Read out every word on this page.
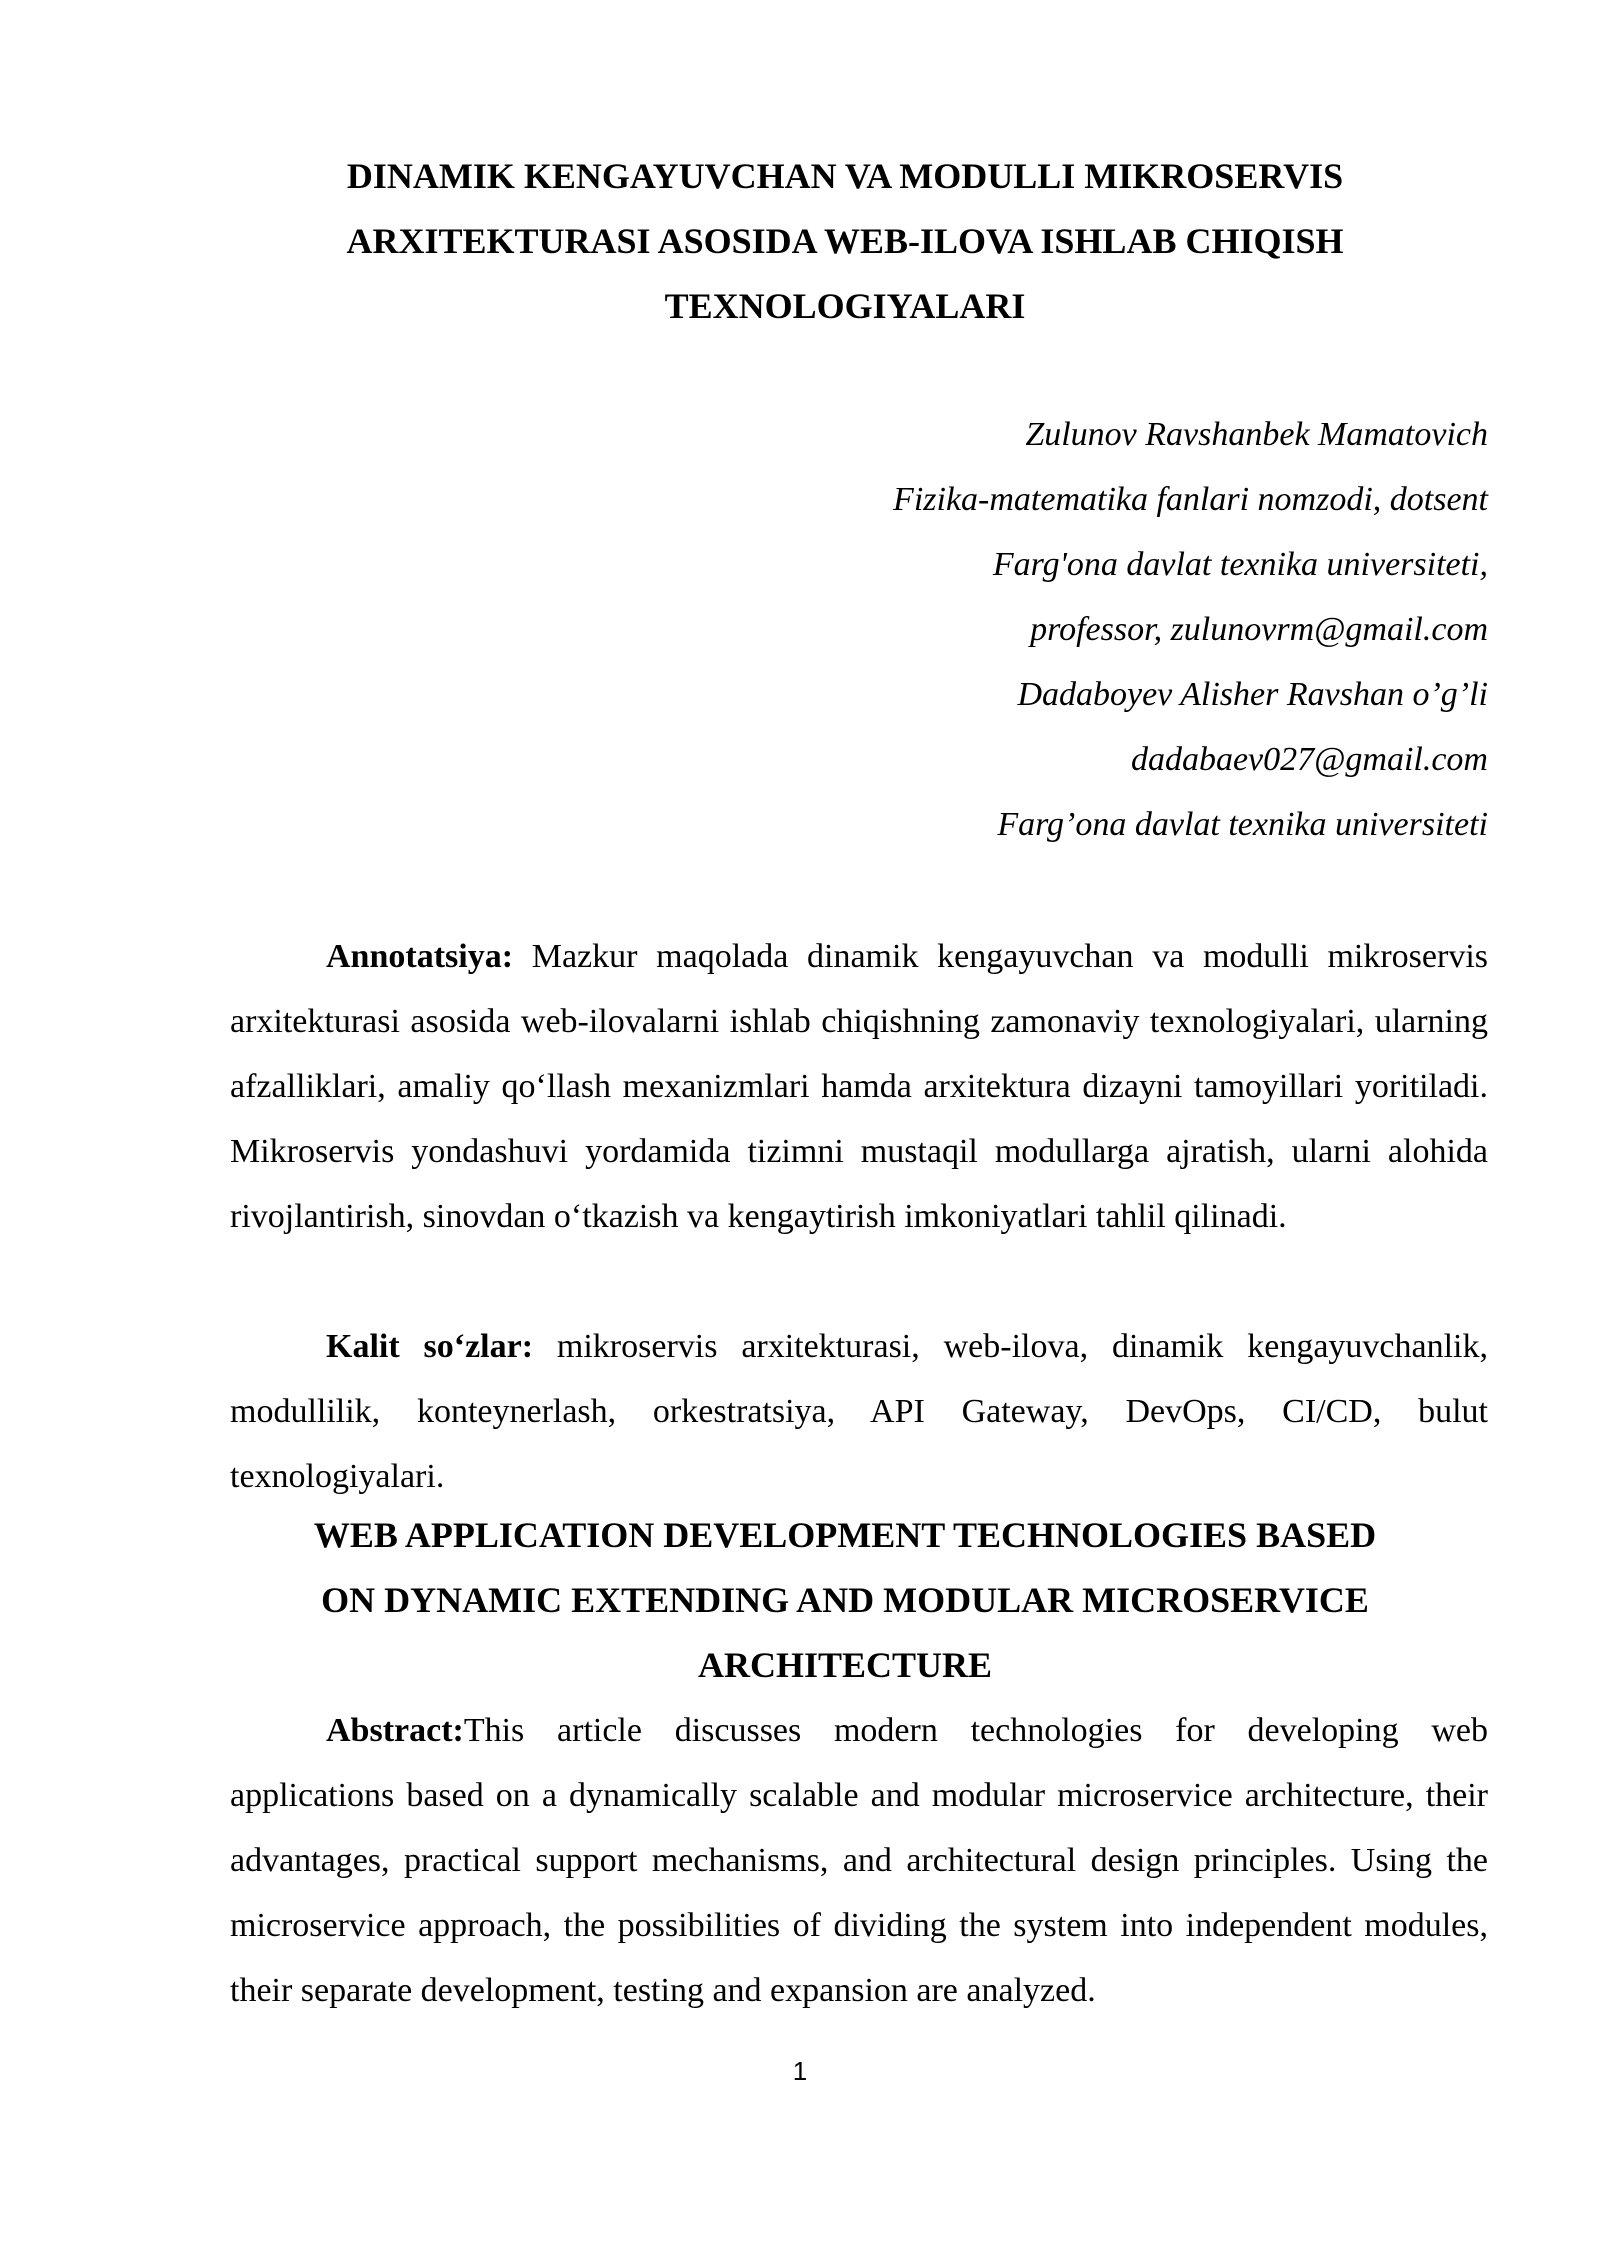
DINAMIK KENGAYUVCHAN VA MODULLI MIKROSERVIS
ARXITEKTURASI ASOSIDA WEB-ILOVA ISHLAB CHIQISH
TEXNOLOGIYALARI
Zulunov Ravshanbek Mamatovich
Fizika-matematika fanlari nomzodi, dotsent
Farg'ona davlat texnika universiteti,
professor, zulunovrm@gmail.com
Dadaboyev Alisher Ravshan o’g’li
dadabaev027@gmail.com
Farg’ona davlat texnika universiteti

Annotatsiya: Mazkur maqolada dinamik kengayuvchan va modulli mikroservis arxitekturasi asosida web-ilovalarni ishlab chiqishning zamonaviy texnologiyalari, ularning afzalliklari, amaliy qo‘llash mexanizmlari hamda arxitektura dizayni tamoyillari yoritiladi. Mikroservis yondashuvi yordamida tizimni mustaqil modullarga ajratish, ularni alohida rivojlantirish, sinovdan o‘tkazish va kengaytirish imkoniyatlari tahlil qilinadi.

Kalit so‘zlar: mikroservis arxitekturasi, web-ilova, dinamik kengayuvchanlik, modullilik, konteynerlash, orkestratsiya, API Gateway, DevOps, CI/CD, bulut texnologiyalari.

WEB APPLICATION DEVELOPMENT TECHNOLOGIES BASED
ON DYNAMIC EXTENDING AND MODULAR MICROSERVICE
ARCHITECTURE

Abstract:This article discusses modern technologies for developing web applications based on a dynamically scalable and modular microservice architecture, their advantages, practical support mechanisms, and architectural design principles. Using the microservice approach, the possibilities of dividing the system into independent modules, their separate development, testing and expansion are analyzed.

1
